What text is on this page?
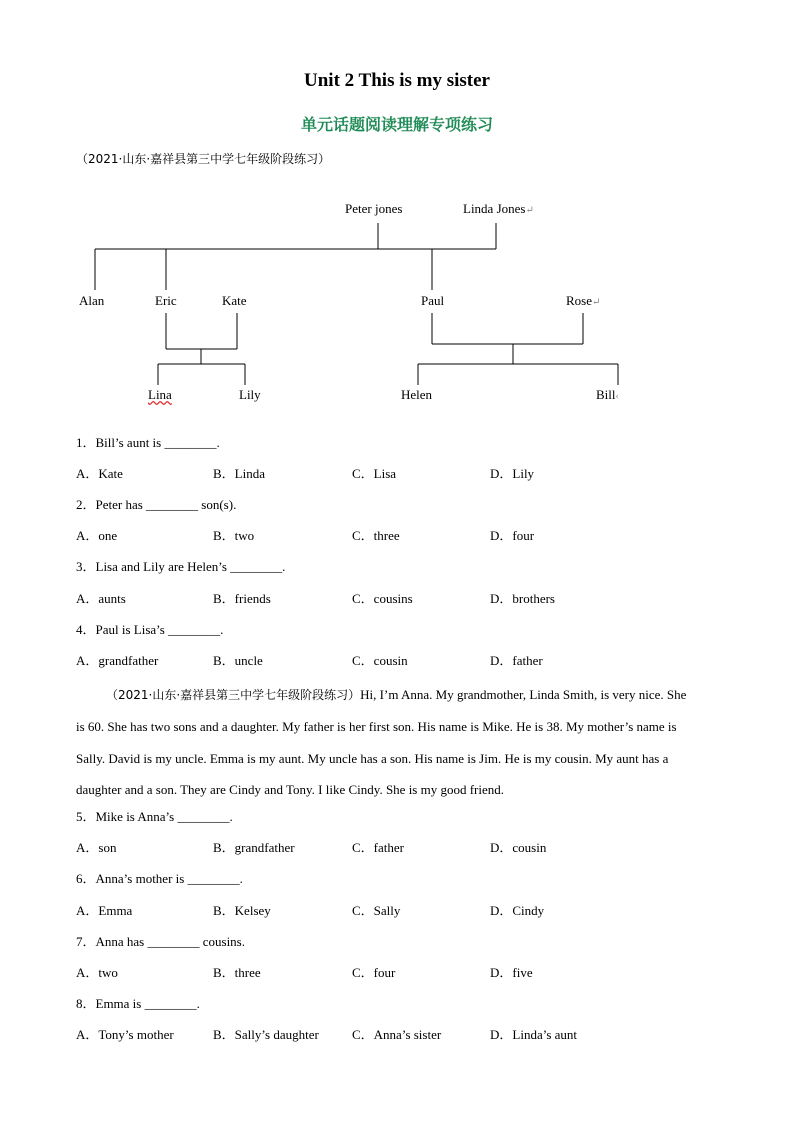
Unit 2 This is my sister
单元话题阅读理解专项练习
（2021·山东·嘉祥县第三中学七年级阶段练习）
Peter jones	Linda Jones↵
Alan	Eric	Kate	Paul	Rose↵
Lina	Lily	Helen	Bill‹
1．Bill’s aunt is ________.
A．Kate	B．Linda	C．Lisa	D．Lily
2．Peter has ________ son(s).
A．one	B．two	C．three	D．four
3．Lisa and Lily are Helen’s ________.
A．aunts	B．friends	C．cousins	D．brothers
4．Paul is Lisa’s ________.
A．grandfather	B．uncle	C．cousin	D．father
（2021·山东·嘉祥县第三中学七年级阶段练习）Hi, I’m Anna. My grandmother, Linda Smith, is very nice. She is 60. She has two sons and a daughter. My father is her first son. His name is Mike. He is 38. My mother’s name is Sally. David is my uncle. Emma is my aunt. My uncle has a son. His name is Jim. He is my cousin. My aunt has a daughter and a son. They are Cindy and Tony. I like Cindy. She is my good friend.
5．Mike is Anna’s ________.
A．son	B．grandfather	C．father	D．cousin
6．Anna’s mother is ________.
A．Emma	B．Kelsey	C．Sally	D．Cindy
7．Anna has ________ cousins.
A．two	B．three	C．four	D．five
8．Emma is ________.
A．Tony’s mother	B．Sally’s daughter	C．Anna’s sister	D．Linda’s aunt
